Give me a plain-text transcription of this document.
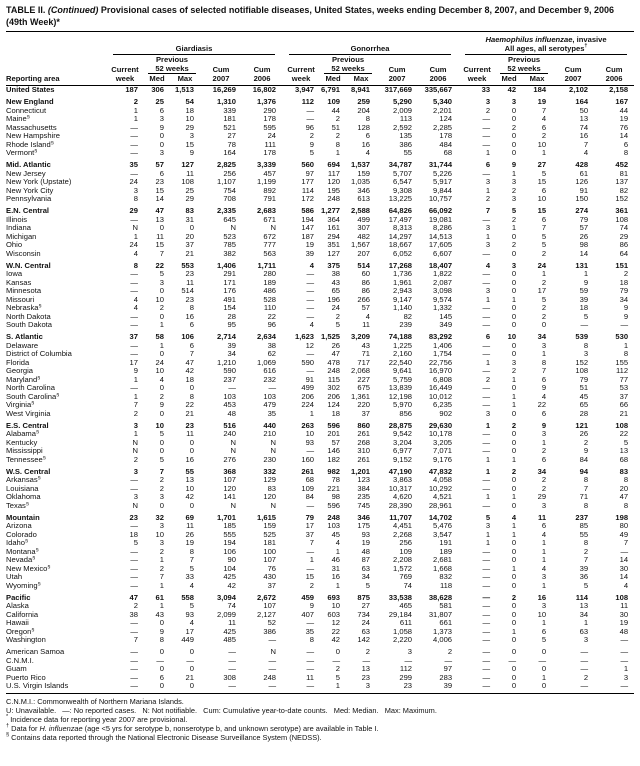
TABLE II. (Continued) Provisional cases of selected notifiable diseases, United States, weeks ending December 8, 2007, and December 9, 2006 (49th Week)*
Reporting area	Giardiasis					Gonorrhea					Haemophilus influenzae, invasive
All ages, all serotypes†

		Previous					Previous					Previous			
	Current	52 weeks		Cum	Cum	Current	52 weeks		Cum	Cum	Current	52 weeks		Cum	Cum
	week	Med	Max	2007	2006	week	Med	Max	2007	2006	week	Med	Max	2007	2006
United States	187	306	1,513	16,269	16,802	3,947	6,791	8,941	317,669	335,667	33	42	184	2,102	2,158
New England	2	25	54	1,310	1,376	112	109	259	5,290	5,340	3	3	19	164	167
Connecticut	1	6	18	339	290	—	44	204	2,009	2,201	2	0	7	50	44
Maine§	1	3	10	181	178	—	2	8	113	124	—	0	4	13	19
Massachusetts	—	9	29	521	595	96	51	128	2,592	2,285	—	2	6	74	76
New Hampshire	—	0	3	27	24	2	2	6	135	178	—	0	2	16	14
Rhode Island§	—	0	15	78	111	9	8	16	386	484	—	0	10	7	6
Vermont§	—	3	9	164	178	5	1	4	55	68	1	0	1	4	8
Mid. Atlantic	35	57	127	2,825	3,339	560	694	1,537	34,787	31,744	6	9	27	428	452
New Jersey	—	6	11	256	457	97	117	159	5,707	5,226	—	1	5	61	81
New York (Upstate)	24	23	108	1,107	1,199	177	120	1,035	6,547	5,917	3	3	15	126	137
New York City	3	15	25	754	892	114	195	346	9,308	9,844	1	2	6	91	82
Pennsylvania	8	14	29	708	791	172	248	613	13,225	10,757	2	3	10	150	152
E.N. Central	29	47	83	2,335	2,683	586	1,277	2,588	64,826	66,092	7	5	15	274	361
Illinois	—	13	31	645	671	194	364	499	17,497	19,081	—	2	6	79	108
Indiana	N	0	0	N	N	147	161	307	8,313	8,286	3	1	7	57	74
Michigan	1	11	20	523	672	187	294	482	14,297	14,513	1	0	5	26	29
Ohio	24	15	37	785	777	19	351	1,567	18,667	17,605	3	2	5	98	86
Wisconsin	4	7	21	382	563	39	127	207	6,052	6,607	—	0	2	14	64
W.N. Central	8	22	553	1,406	1,711	4	375	514	17,268	18,407	4	3	24	131	151
Iowa	—	5	23	291	280	—	38	60	1,736	1,822	—	0	1	1	2
Kansas	—	3	11	171	189	—	43	86	1,961	2,087	—	0	2	9	18
Minnesota	—	0	514	176	486	—	65	86	2,943	3,098	3	0	17	59	79
Missouri	4	10	23	491	528	—	196	266	9,147	9,574	1	1	5	39	34
Nebraska§	4	2	8	154	110	—	24	57	1,140	1,332	—	0	2	18	9
North Dakota	—	0	16	28	22	—	2	4	82	145	—	0	2	5	9
South Dakota	—	1	6	95	96	4	5	11	239	349	—	0	0	—	—
S. Atlantic	37	58	106	2,714	2,634	1,623	1,525	3,209	74,188	83,292	6	10	34	539	530
Delaware	—	1	6	39	38	12	26	43	1,225	1,406	—	0	3	8	1
District of Columbia	—	0	7	34	62	—	47	71	2,160	1,754	—	0	1	3	8
Florida	17	24	47	1,210	1,069	590	478	717	22,540	22,756	1	3	8	152	155
Georgia	9	10	42	590	616	—	248	2,068	9,641	16,970	—	2	7	108	112
Maryland§	1	4	18	237	232	91	115	227	5,759	6,808	2	1	6	79	77
North Carolina	—	0	0	—	—	499	302	675	13,839	16,449	—	0	9	51	53
South Carolina§	1	2	8	103	103	206	206	1,361	12,198	10,012	—	1	4	45	37
Virginia§	7	9	22	453	479	224	124	220	5,970	6,235	—	1	22	65	66
West Virginia	2	0	21	48	35	1	18	37	856	902	3	0	6	28	21
E.S. Central	3	10	23	516	440	263	596	860	28,875	29,630	1	2	9	121	108
Alabama§	1	5	11	240	210	10	201	261	9,542	10,178	—	0	3	26	22
Kentucky	N	0	0	N	N	93	57	268	3,204	3,205	—	0	1	2	5
Mississippi	N	0	0	N	N	—	146	310	6,977	7,071	—	0	2	9	13
Tennessee§	2	5	16	276	230	160	182	261	9,152	9,176	1	1	6	84	68
W.S. Central	3	7	55	368	332	261	982	1,201	47,190	47,832	1	2	34	94	83
Arkansas§	—	2	13	107	129	68	78	123	3,863	4,058	—	0	2	8	8
Louisiana	—	2	10	120	83	109	221	384	10,317	10,292	—	0	2	7	20
Oklahoma	3	3	42	141	120	84	98	235	4,620	4,521	1	1	29	71	47
Texas§	N	0	0	N	N	—	596	745	28,390	28,961	—	0	3	8	8
Mountain	23	32	69	1,701	1,615	79	248	346	11,707	14,702	5	4	11	237	198
Arizona	—	3	11	185	159	17	103	175	4,451	5,476	3	1	6	85	80
Colorado	18	10	26	555	525	37	45	93	2,268	3,547	1	1	4	55	49
Idaho§	5	3	19	194	181	7	4	19	256	191	1	0	1	8	7
Montana§	—	2	8	106	100	—	1	48	109	189	—	0	1	2	—
Nevada§	—	1	7	90	107	1	46	87	2,208	2,681	—	0	1	7	14
New Mexico§	—	2	5	104	76	—	31	63	1,572	1,668	—	1	4	39	30
Utah	—	7	33	425	430	15	16	34	769	832	—	0	3	36	14
Wyoming§	—	1	4	42	37	2	1	5	74	118	—	0	1	5	4
Pacific	47	61	558	3,094	2,672	459	693	875	33,538	38,628	—	2	16	114	108
Alaska	2	1	5	74	107	9	10	27	465	581	—	0	3	13	11
California	38	43	93	2,099	2,127	407	603	734	29,184	31,807	—	0	10	34	30
Hawaii	—	0	4	11	52	—	12	24	611	661	—	0	1	1	19
Oregon§	—	9	17	425	386	35	22	63	1,058	1,373	—	1	6	63	48
Washington	7	8	449	485	—	8	42	142	2,220	4,006	—	0	5	3	—
American Samoa	—	0	0	—	N	—	0	2	3	2	—	0	0	—	—
C.N.M.I.	—	—	—	—	—	—	—	—	—	—	—	—	—	—	—
Guam	—	0	0	—	—	—	2	13	112	97	—	0	0	—	1
Puerto Rico	—	6	21	308	248	11	5	23	299	283	—	0	1	2	3
U.S. Virgin Islands	—	0	0	—	—	—	1	3	23	39	—	0	0	—	—
C.N.M.I.: Commonwealth of Northern Mariana Islands.
U: Unavailable.   —: No reported cases.   N: Not notifiable.   Cum: Cumulative year-to-date counts.   Med: Median.   Max: Maximum.
* Incidence data for reporting year 2007 are provisional.
† Data for H. influenzae (age <5 yrs for serotype b, nonserotype b, and unknown serotype) are available in Table I.
§ Contains data reported through the National Electronic Disease Surveillance System (NEDSS).
